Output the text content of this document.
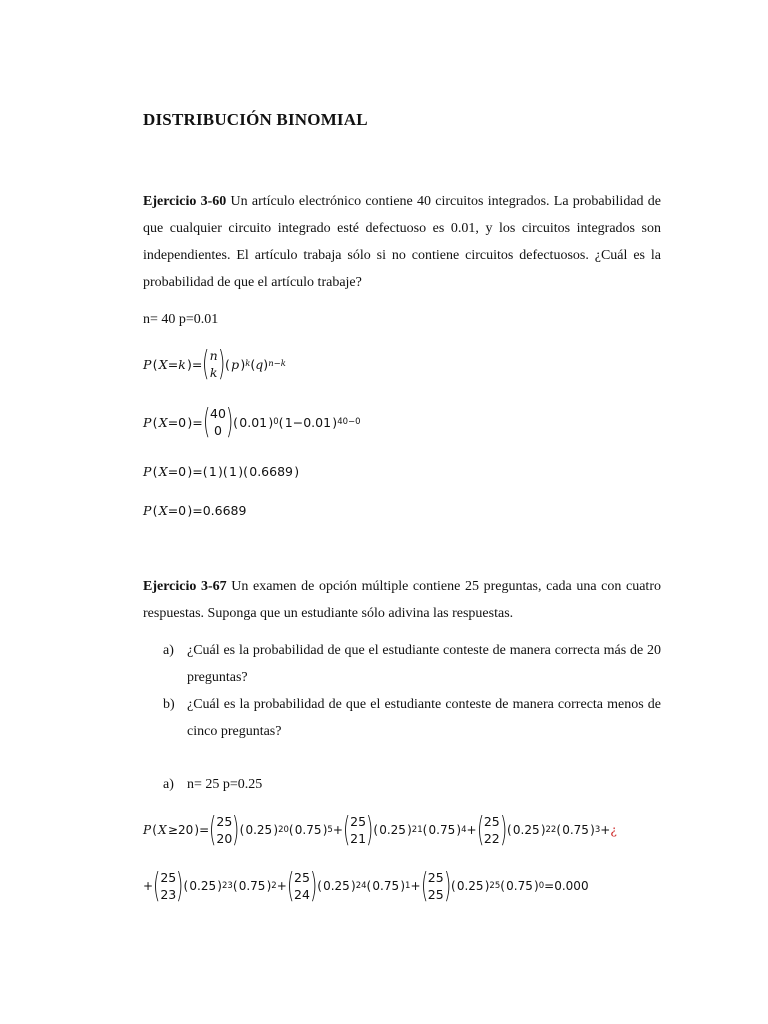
DISTRIBUCIÓN BINOMIAL
Ejercicio 3-60 Un artículo electrónico contiene 40 circuitos integrados. La probabilidad de que cualquier circuito integrado esté defectuoso es 0.01, y los circuitos integrados son independientes. El artículo trabaja sólo si no contiene circuitos defectuosos. ¿Cuál es la probabilidad de que el artículo trabaje?
n= 40 p=0.01
P  (  X = k  )= ( n
k ) (  p  ) k ( q ) n−k
P  (  X =0 )= ( 40
0 ) ( 0.01 ) 0 ( 1−0.01 ) 40−0
P  (  X =0 )=( 1 )( 1 )( 0.6689 )
P  (  X =0 )=0.6689
Ejercicio 3-67 Un examen de opción múltiple contiene 25 preguntas, cada una con cuatro respuestas. Suponga que un estudiante sólo adivina las respuestas.
a) ¿Cuál es la probabilidad de que el estudiante conteste de manera correcta más de 20 preguntas?
b) ¿Cuál es la probabilidad de que el estudiante conteste de manera correcta menos de cinco preguntas?
a) n= 25 p=0.25
P  (  X  ≥20 )= ( 25
20 ) ( 0.25 ) 20 ( 0.75 ) 5 + ( 25
21 ) ( 0.25 ) 21 ( 0.75 ) 4 + ( 25
22 ) ( 0.25 ) 22 ( 0.75 ) 3 + ¿
+ ( 25
23 ) ( 0.25 ) 23 ( 0.75 ) 2 + ( 25
24 ) ( 0.25 ) 24 ( 0.75 ) 1 + ( 25
25 ) ( 0.25 ) 25 ( 0.75 ) 0 = 0.000
